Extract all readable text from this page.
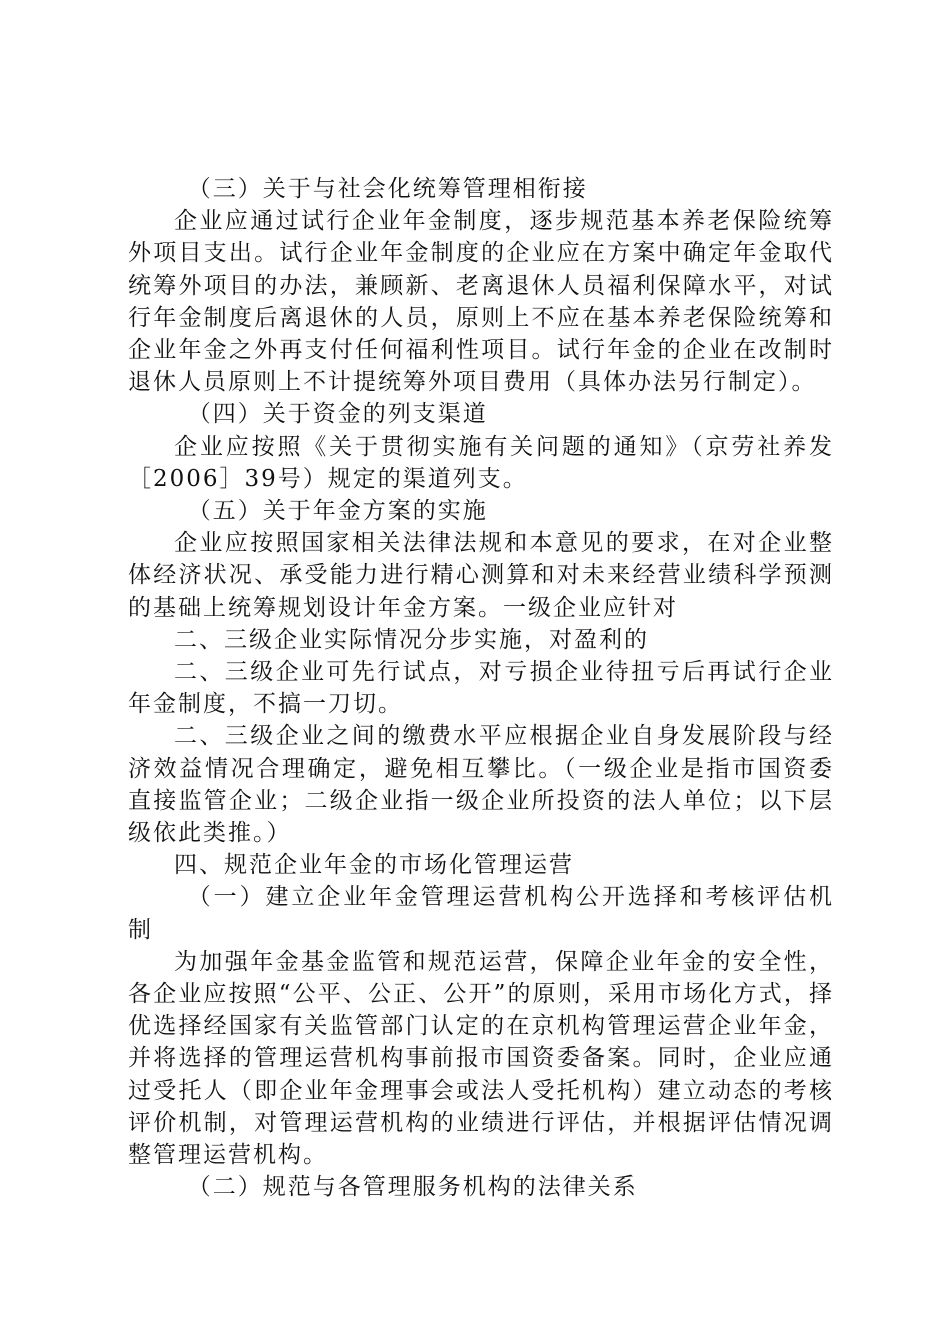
（三）关于与社会化统筹管理相衔接

企业应通过试行企业年金制度，逐步规范基本养老保险统筹外项目支出。试行企业年金制度的企业应在方案中确定年金取代统筹外项目的办法，兼顾新、老离退休人员福利保障水平，对试行年金制度后离退休的人员，原则上不应在基本养老保险统筹和企业年金之外再支付任何福利性项目。试行年金的企业在改制时退休人员原则上不计提统筹外项目费用（具体办法另行制定）。

（四）关于资金的列支渠道

企业应按照《关于贯彻实施有关问题的通知》（京劳社养发［2006］39号）规定的渠道列支。

（五）关于年金方案的实施

企业应按照国家相关法律法规和本意见的要求，在对企业整体经济状况、承受能力进行精心测算和对未来经营业绩科学预测的基础上统筹规划设计年金方案。一级企业应针对

二、三级企业实际情况分步实施，对盈利的

二、三级企业可先行试点，对亏损企业待扭亏后再试行企业年金制度，不搞一刀切。

二、三级企业之间的缴费水平应根据企业自身发展阶段与经济效益情况合理确定，避免相互攀比。（一级企业是指市国资委直接监管企业；二级企业指一级企业所投资的法人单位；以下层级依此类推。）

四、规范企业年金的市场化管理运营

（一）建立企业年金管理运营机构公开选择和考核评估机制

为加强年金基金监管和规范运营，保障企业年金的安全性，各企业应按照“公平、公正、公开”的原则，采用市场化方式，择优选择经国家有关监管部门认定的在京机构管理运营企业年金，并将选择的管理运营机构事前报市国资委备案。同时，企业应通过受托人（即企业年金理事会或法人受托机构）建立动态的考核评价机制，对管理运营机构的业绩进行评估，并根据评估情况调整管理运营机构。

（二）规范与各管理服务机构的法律关系
